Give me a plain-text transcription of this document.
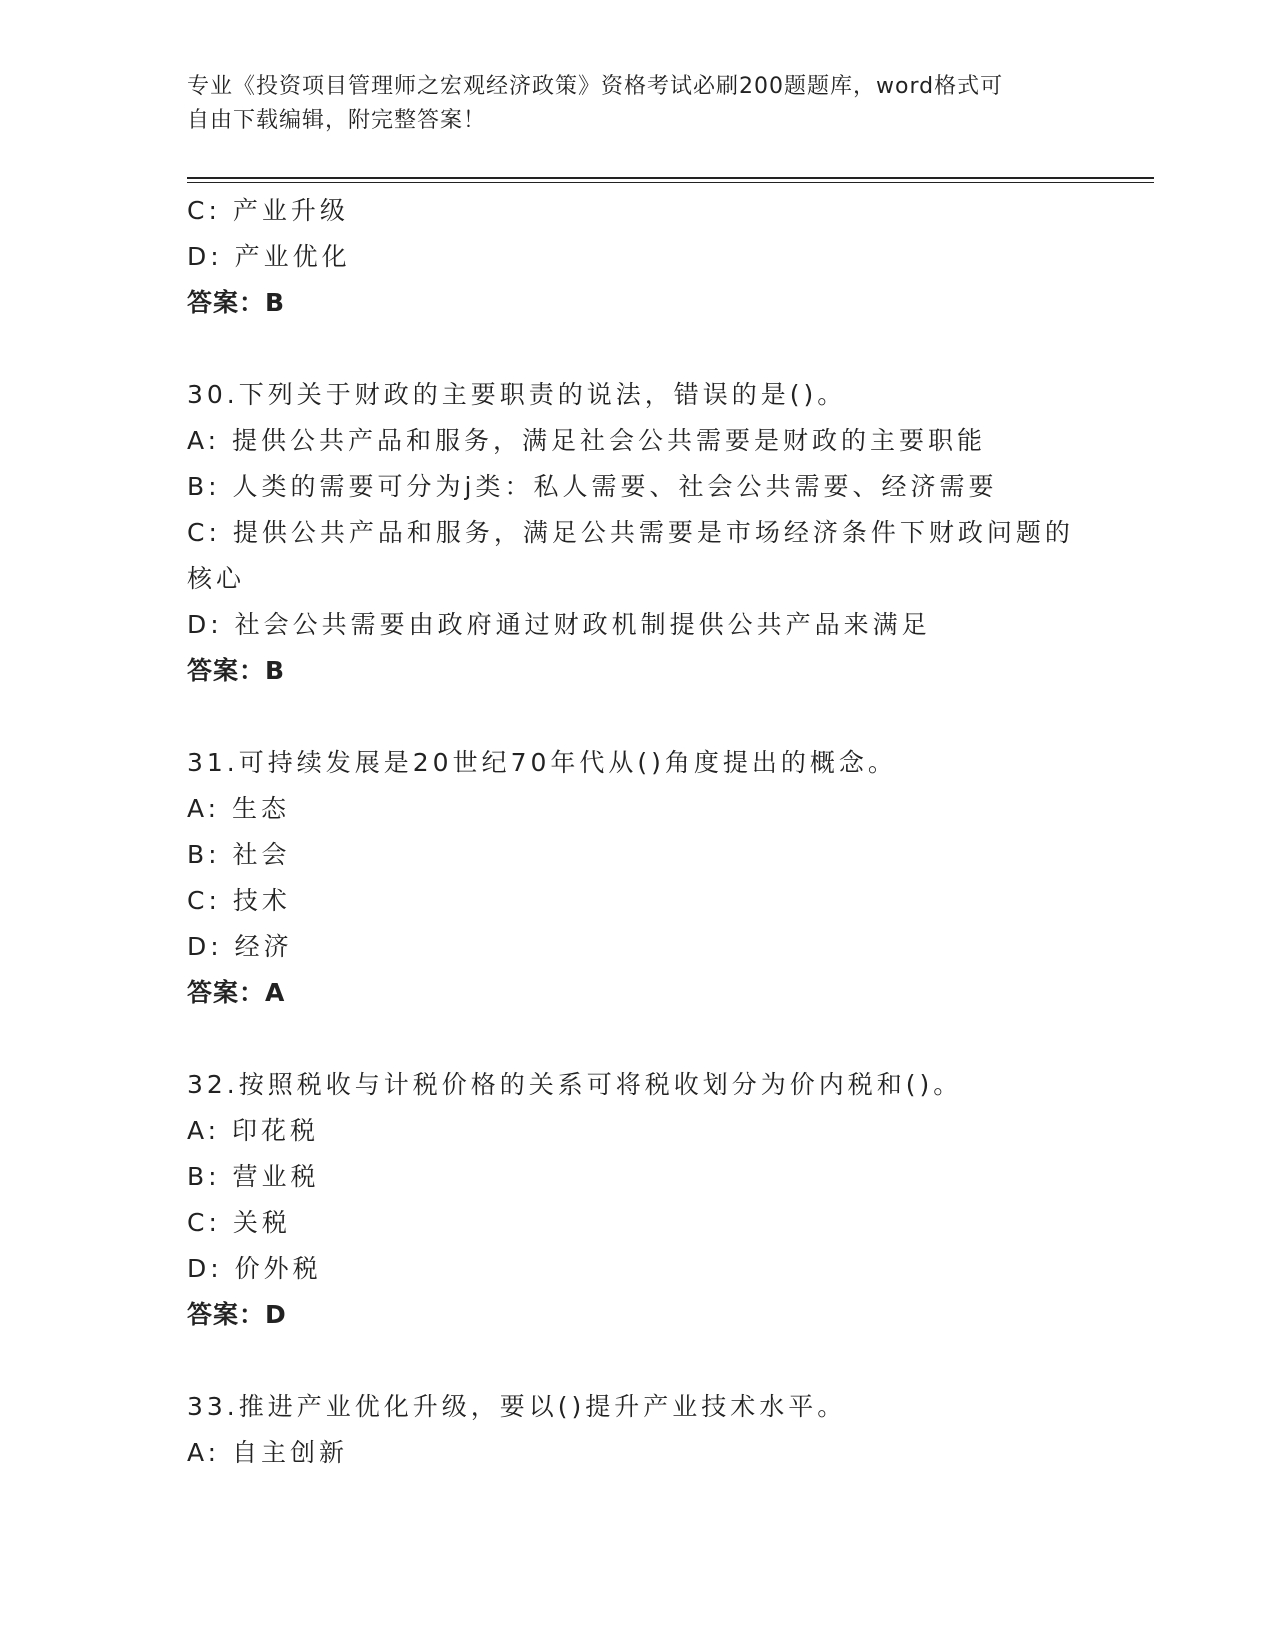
专业《投资项目管理师之宏观经济政策》资格考试必刷200题题库，word格式可
自由下载编辑，附完整答案！
C: 产业升级
D: 产业优化
答案：B
30.下列关于财政的主要职责的说法，错误的是()。
A: 提供公共产品和服务，满足社会公共需要是财政的主要职能
B: 人类的需要可分为j类：私人需要、社会公共需要、经济需要
C: 提供公共产品和服务，满足公共需要是市场经济条件下财政问题的
核心
D: 社会公共需要由政府通过财政机制提供公共产品来满足
答案：B
31.可持续发展是20世纪70年代从()角度提出的概念。
A: 生态
B: 社会
C: 技术
D: 经济
答案：A
32.按照税收与计税价格的关系可将税收划分为价内税和()。
A: 印花税
B: 营业税
C: 关税
D: 价外税
答案：D
33.推进产业优化升级，要以()提升产业技术水平。
A: 自主创新
